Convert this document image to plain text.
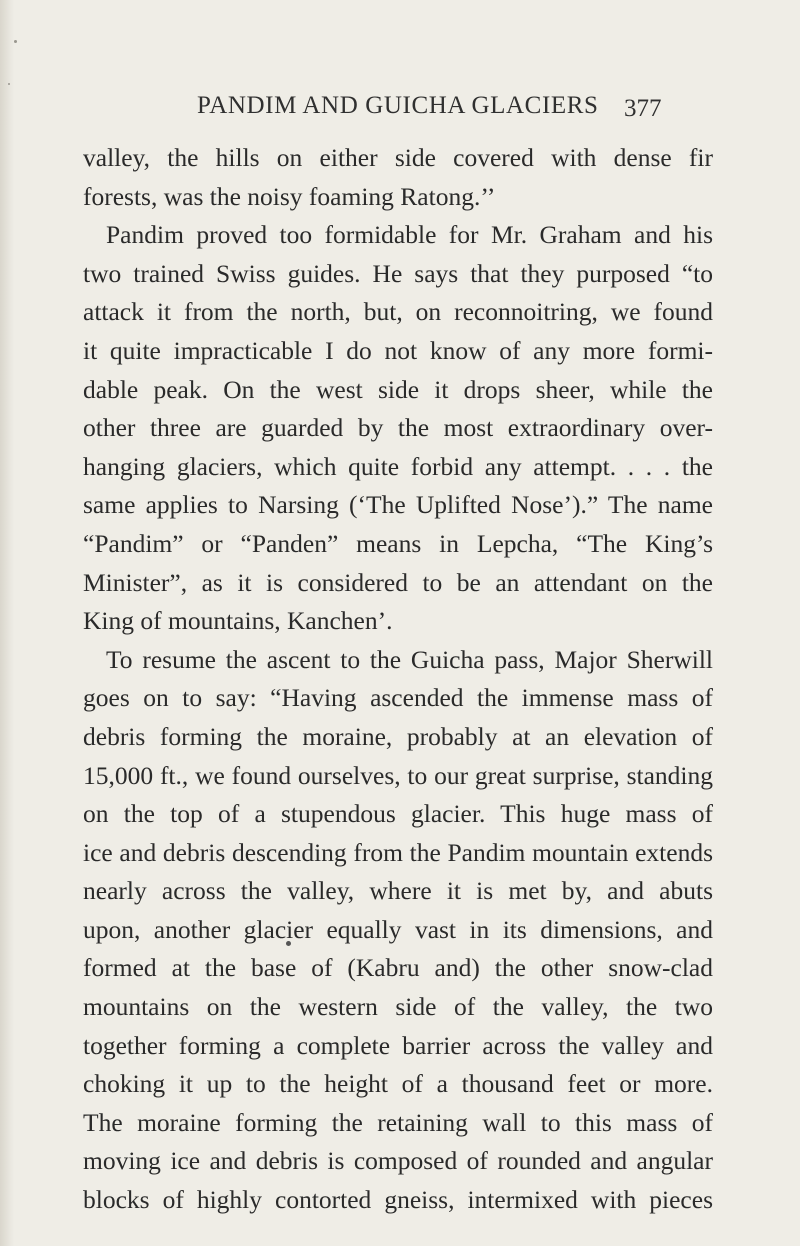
PANDIM AND GUICHA GLACIERS 377
valley, the hills on either side covered with dense fir
forests, was the noisy foaming Ratong.’’
Pandim proved too formidable for Mr. Graham and his
two trained Swiss guides. He says that they purposed “to
attack it from the north, but, on reconnoitring, we found
it quite impracticable I do not know of any more formi-
dable peak. On the west side it drops sheer, while the
other three are guarded by the most extraordinary over-
hanging glaciers, which quite forbid any attempt. . . . the
same applies to Narsing (‘The Uplifted Nose’).” The name
“Pandim” or “Panden” means in Lepcha, “The King’s
Minister”, as it is considered to be an attendant on the
King of mountains, Kanchen’.
To resume the ascent to the Guicha pass, Major Sherwill
goes on to say: “Having ascended the immense mass of
debris forming the moraine, probably at an elevation of
15,000 ft., we found ourselves, to our great surprise, standing
on the top of a stupendous glacier. This huge mass of
ice and debris descending from the Pandim mountain extends
nearly across the valley, where it is met by, and abuts
upon, another glacier equally vast in its dimensions, and
formed at the base of (Kabru and) the other snow-clad
mountains on the western side of the valley, the two
together forming a complete barrier across the valley and
choking it up to the height of a thousand feet or more.
The moraine forming the retaining wall to this mass of
moving ice and debris is composed of rounded and angular
blocks of highly contorted gneiss, intermixed with pieces
